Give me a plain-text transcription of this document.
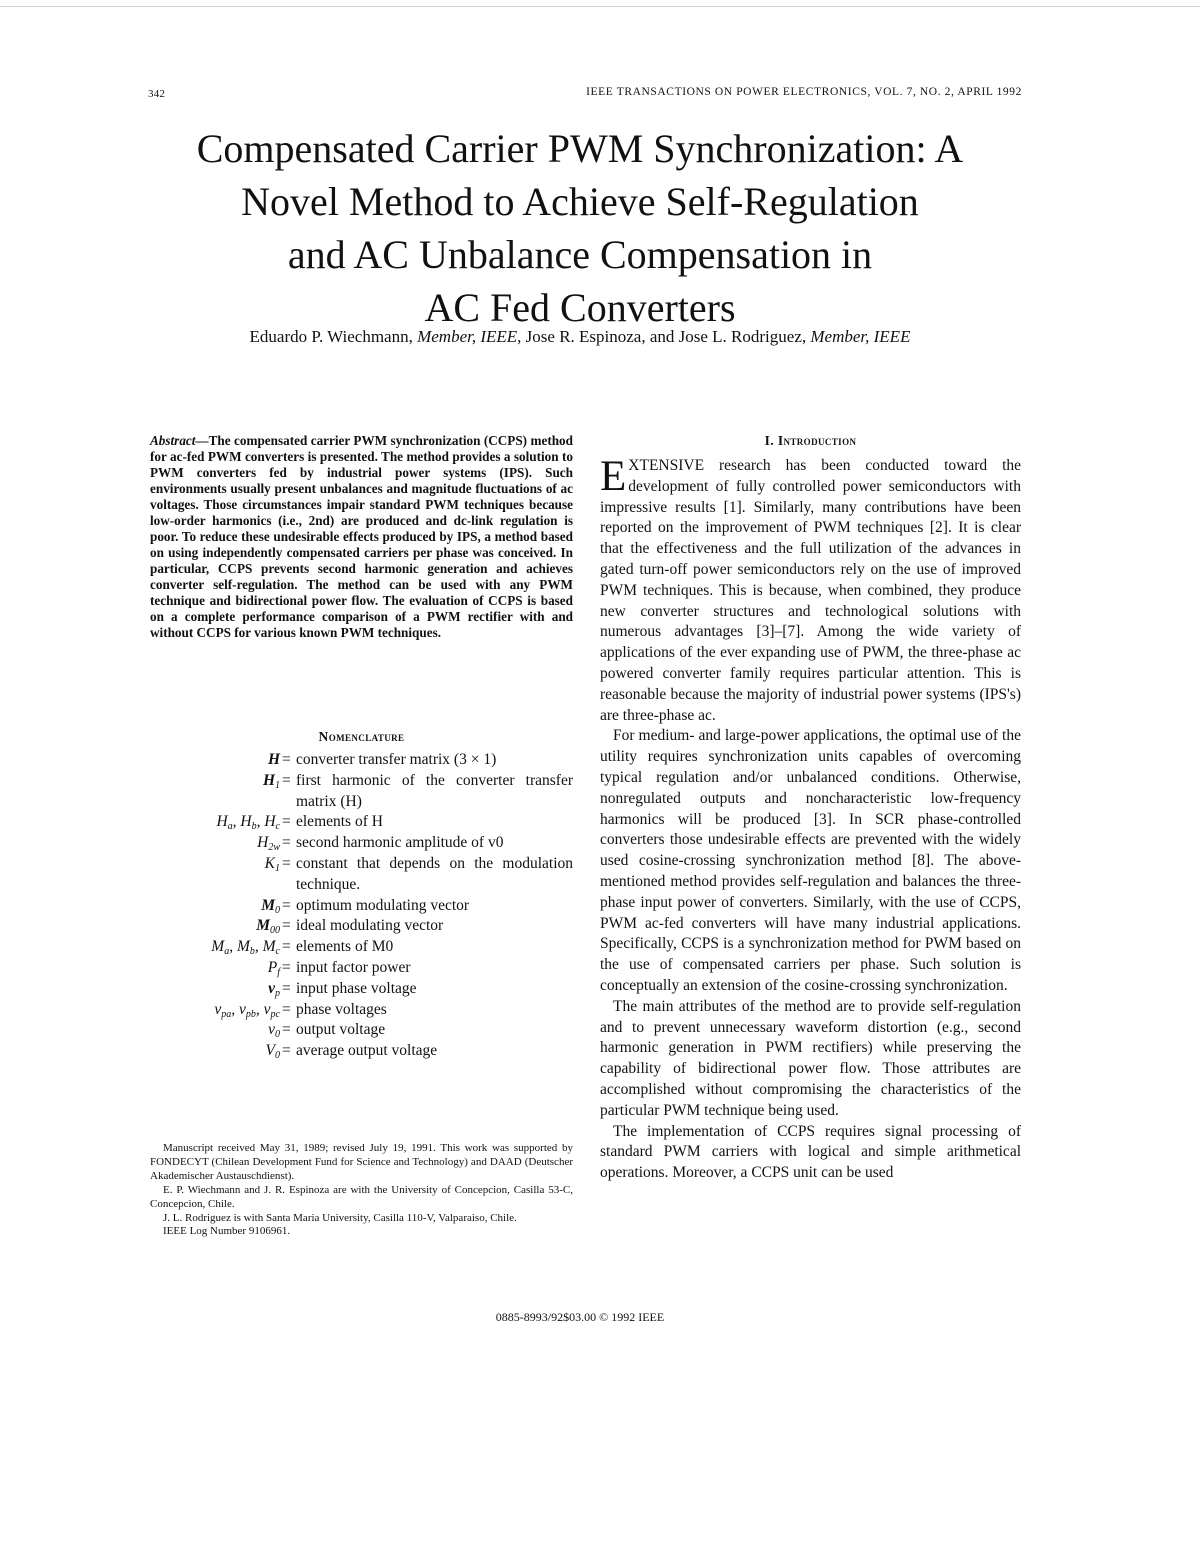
342	IEEE TRANSACTIONS ON POWER ELECTRONICS, VOL. 7, NO. 2, APRIL 1992
Compensated Carrier PWM Synchronization: A
Novel Method to Achieve Self-Regulation
and AC Unbalance Compensation in
AC Fed Converters
Eduardo P. Wiechmann, Member, IEEE, Jose R. Espinoza, and Jose L. Rodriguez, Member, IEEE

Abstract—The compensated carrier PWM synchronization (CCPS) method for ac-fed PWM converters is presented. The method provides a solution to PWM converters fed by industrial power systems (IPS). Such environments usually present unbalances and magnitude fluctuations of ac voltages. Those circumstances impair standard PWM techniques because low-order harmonics (i.e., 2nd) are produced and dc-link regulation is poor. To reduce these undesirable effects produced by IPS, a method based on using independently compensated carriers per phase was conceived. In particular, CCPS prevents second harmonic generation and achieves converter self-regulation. The method can be used with any PWM technique and bidirectional power flow. The evaluation of CCPS is based on a complete performance comparison of a PWM rectifier with and without CCPS for various known PWM techniques.

Nomenclature
H = converter transfer matrix (3 × 1)
$H_1$ = first harmonic of the converter transfer matrix (H)
$H_a$, $H_b$, $H_c$ = elements of H
$H_{2w}$ = second harmonic amplitude of v0
$K_1$ = constant that depends on the modulation technique.
$M_0$ = optimum modulating vector
$M_{00}$ = ideal modulating vector
$M_a$, $M_b$, $M_c$ = elements of M0
$P_f$ = input factor power
$v_p$ = input phase voltage
$v_{pa}$, $v_{pb}$, $v_{pc}$ = phase voltages
$v_0$ = output voltage
$V_0$ = average output voltage

Manuscript received May 31, 1989; revised July 19, 1991. This work was supported by FONDECYT (Chilean Development Fund for Science and Technology) and DAAD (Deutscher Akademischer Austauschdienst).

E. P. Wiechmann and J. R. Espinoza are with the University of Concepcion, Casilla 53-C, Concepcion, Chile.

J. L. Rodriguez is with Santa Maria University, Casilla 110-V, Valparaiso, Chile.

IEEE Log Number 9106961.

I. Introduction

EXTENSIVE research has been conducted toward the development of fully controlled power semiconductors with impressive results [1]. Similarly, many contributions have been reported on the improvement of PWM techniques [2]. It is clear that the effectiveness and the full utilization of the advances in gated turn-off power semiconductors rely on the use of improved PWM techniques. This is because, when combined, they produce new converter structures and technological solutions with numerous advantages [3]–[7]. Among the wide variety of applications of the ever expanding use of PWM, the three-phase ac powered converter family requires particular attention. This is reasonable because the majority of industrial power systems (IPS's) are three-phase ac.

For medium- and large-power applications, the optimal use of the utility requires synchronization units capables of overcoming typical regulation and/or unbalanced conditions. Otherwise, nonregulated outputs and noncharacteristic low-frequency harmonics will be produced [3]. In SCR phase-controlled converters those undesirable effects are prevented with the widely used cosine-crossing synchronization method [8]. The above-mentioned method provides self-regulation and balances the three-phase input power of converters. Similarly, with the use of CCPS, PWM ac-fed converters will have many industrial applications. Specifically, CCPS is a synchronization method for PWM based on the use of compensated carriers per phase. Such solution is conceptually an extension of the cosine-crossing synchronization.

The main attributes of the method are to provide self-regulation and to prevent unnecessary waveform distortion (e.g., second harmonic generation in PWM rectifiers) while preserving the capability of bidirectional power flow. Those attributes are accomplished without compromising the characteristics of the particular PWM technique being used.

The implementation of CCPS requires signal processing of standard PWM carriers with logical and simple arithmetical operations. Moreover, a CCPS unit can be used

0885-8993/92$03.00 © 1992 IEEE
